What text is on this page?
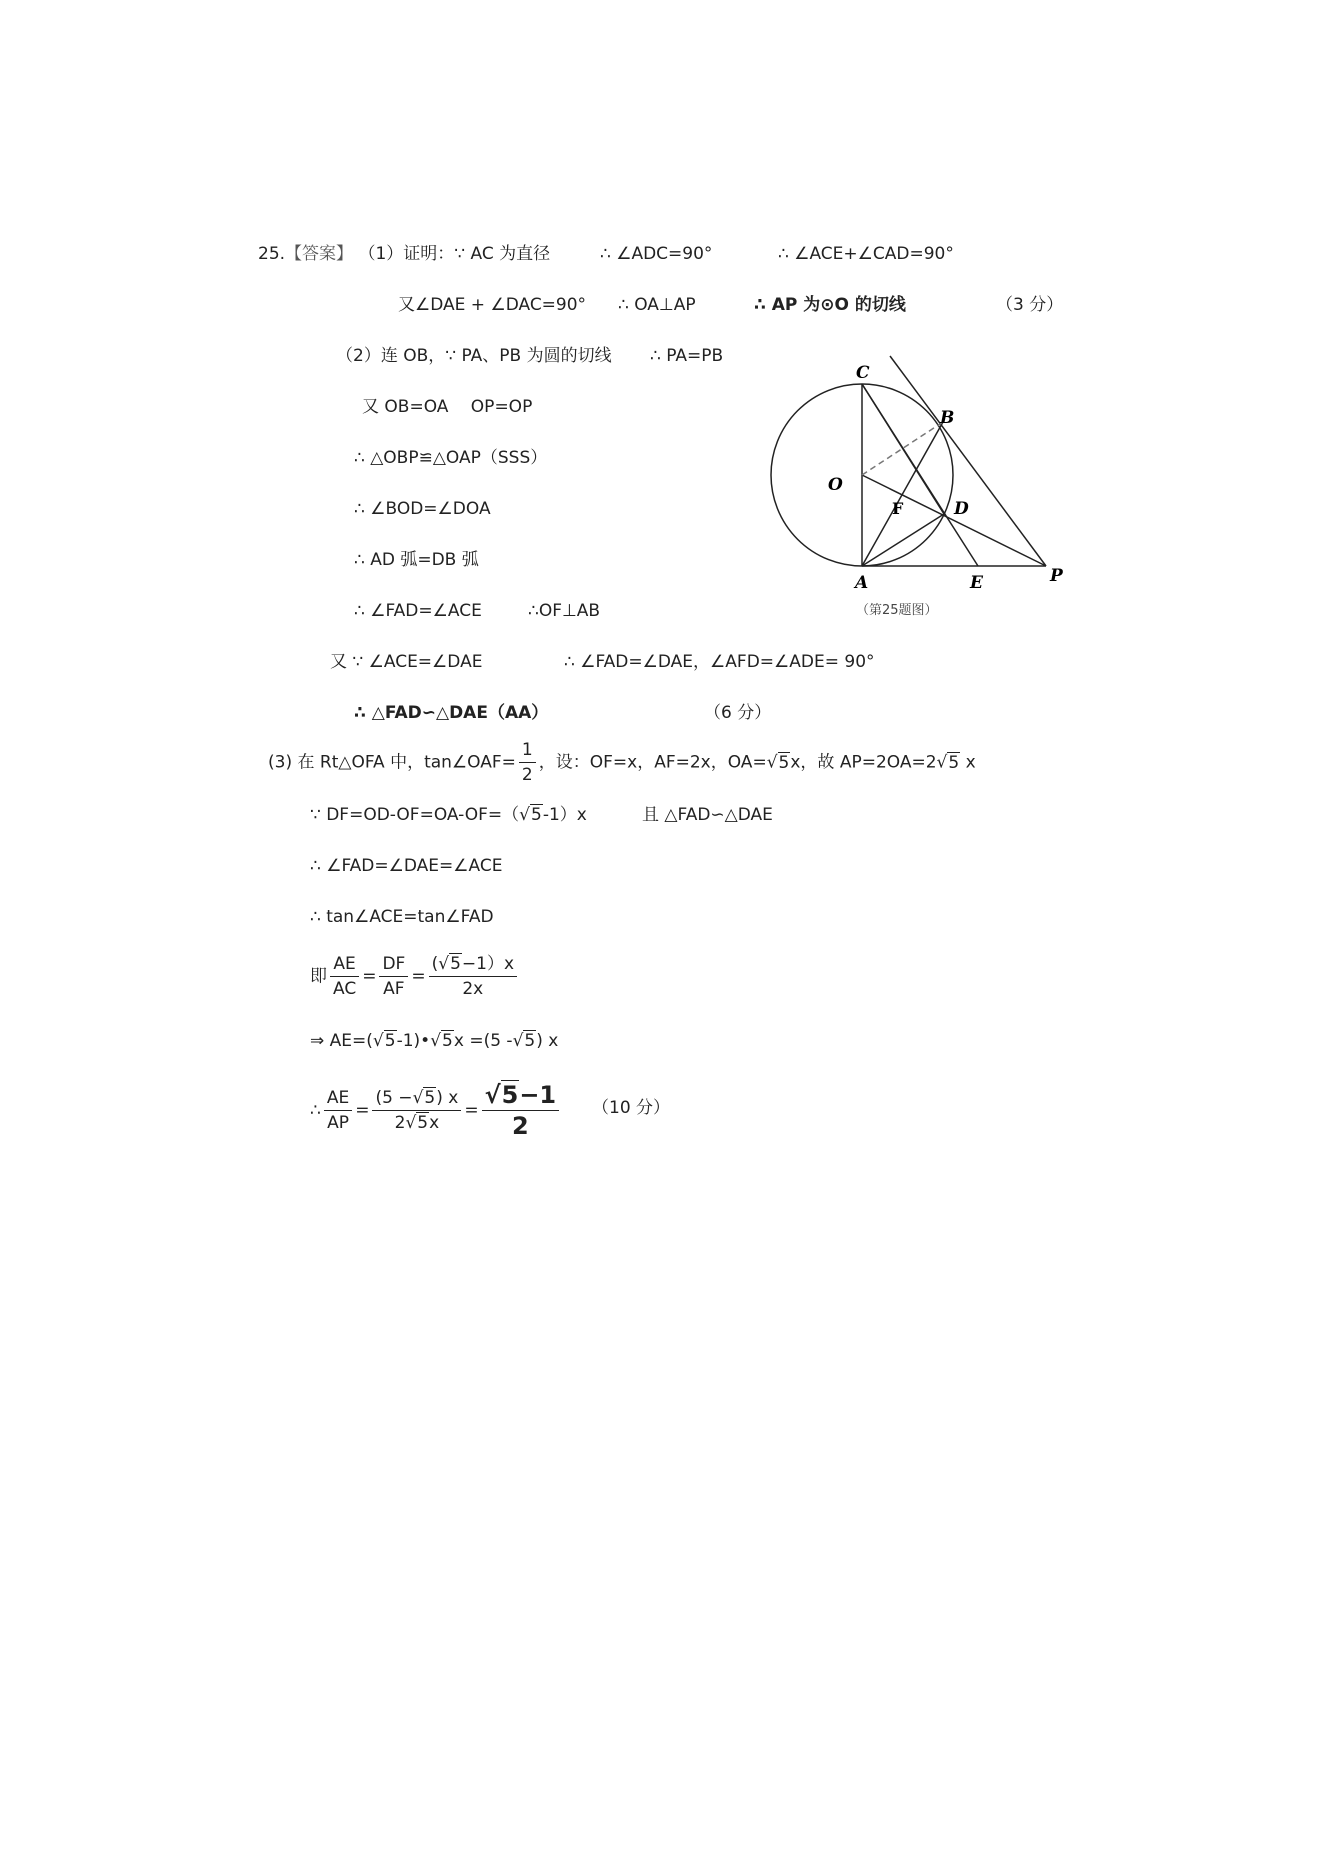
25.【答案】 （1）证明：∵ AC 为直径	∴ ∠ADC=90°	∴ ∠ACE+∠CAD=90°
又∠DAE + ∠DAC=90° ∴ OA⊥AP	∴ AP 为⊙O 的切线	（3 分）
（2）连 OB，∵ PA、PB 为圆的切线 ∴ PA=PB
又 OB=OA　 OP=OP
∴ △OBP≌△OAP（SSS）
∴ ∠BOD=∠DOA
∴ AD 弧=DB 弧
∴ ∠FAD=∠ACE	∴OF⊥AB
又 ∵ ∠ACE=∠DAE	∴ ∠FAD=∠DAE，∠AFD=∠ADE= 90°
∴ △FAD∽△DAE（AA）	（6 分）
(3) 在 Rt△OFA 中，tan∠OAF= $\frac{1}{2}$ ，设：OF=x，AF=2x，OA=√5x，故 AP=2OA=2√5 x
∵ DF=OD-OF=OA-OF=（√5-1）x	且 △FAD∽△DAE
∴ ∠FAD=∠DAE=∠ACE
∴ tan∠ACE=tan∠FAD
即 $\frac{AE}{AC} = \frac{DF}{AF} = \frac{(√5-1)x}{2x}$
⇒ AE=(√5-1)•√5x =(5 -√5) x
∴ $\frac{AE}{AP} = \frac{(5 -√5) x}{2√5x} = \frac{√5-1}{2} (10$ 分）
C
B
O
F	D
A	E	P
（第25题图）
